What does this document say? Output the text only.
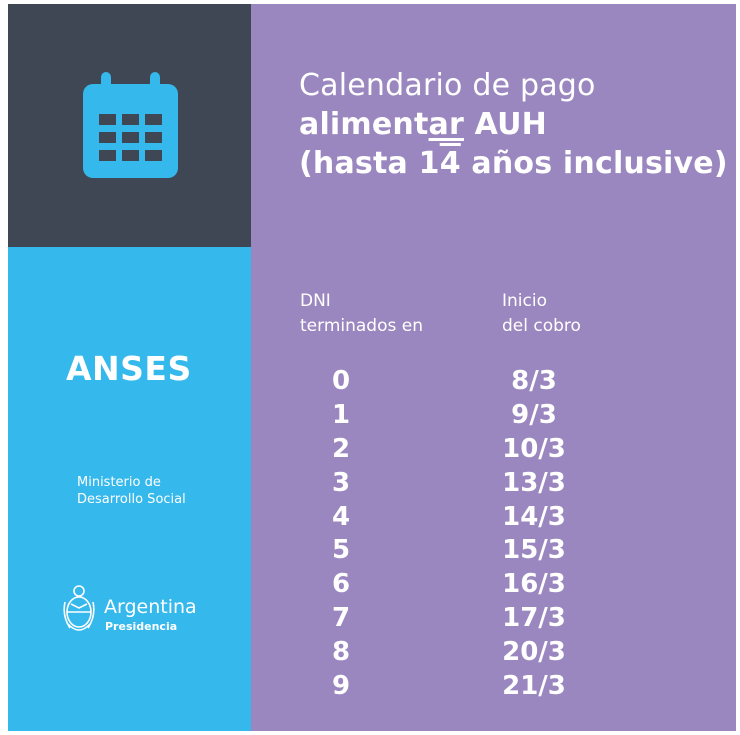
ANSES
Ministerio de
Desarrollo Social
Argentina
Presidencia
Calendario de pago
alimentar AUH
(hasta 14 años inclusive)
DNI
terminados en
Inicio
del cobro
0	8/3
1	9/3
2	10/3
3	13/3
4	14/3
5	15/3
6	16/3
7	17/3
8	20/3
9	21/3
